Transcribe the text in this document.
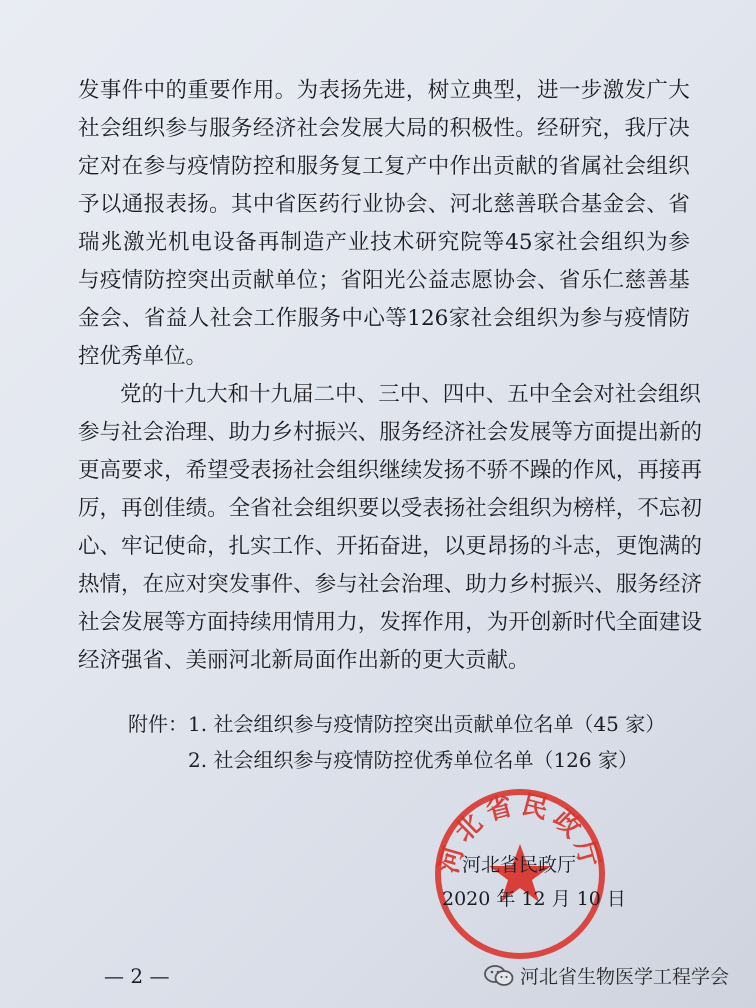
发 事 件 中 的 重 要 作 用 。 为 表 扬 先 进 ， 树 立 典 型 ， 进 一 步 激 发 广 大
社 会 组 织 参 与 服 务 经 济 社 会 发 展 大 局 的 积 极 性 。 经 研 究 ， 我 厅 决
定 对 在 参 与 疫 情 防 控 和 服 务 复 工 复 产 中 作 出 贡 献 的 省 属 社 会 组 织
予 以 通 报 表 扬 。 其 中 省 医 药 行 业 协 会 、 河 北 慈 善 联 合 基 金 会 、 省
瑞 兆 激 光 机 电 设 备 再 制 造 产 业 技 术 研 究 院 等 45 家 社 会 组 织 为 参
与 疫 情 防 控 突 出 贡 献 单 位 ； 省 阳 光 公 益 志 愿 协 会 、 省 乐 仁 慈 善 基
金 会 、 省 益 人 社 会 工 作 服 务 中 心 等 126 家 社 会 组 织 为 参 与 疫 情 防
控优秀单位。
党 的 十 九 大 和 十 九 届 二 中 、 三 中 、 四 中 、 五 中 全 会 对 社 会 组 织
参 与 社 会 治 理 、 助 力 乡 村 振 兴 、 服 务 经 济 社 会 发 展 等 方 面 提 出 新 的
更 高 要 求 ， 希 望 受 表 扬 社 会 组 织 继 续 发 扬 不 骄 不 躁 的 作 风 ， 再 接 再
厉 ， 再 创 佳 绩 。 全 省 社 会 组 织 要 以 受 表 扬 社 会 组 织 为 榜 样 ， 不 忘 初
心 、 牢 记 使 命 ， 扎 实 工 作 、 开 拓 奋 进 ， 以 更 昂 扬 的 斗 志 ， 更 饱 满 的
热 情 ， 在 应 对 突 发 事 件 、 参 与 社 会 治 理 、 助 力 乡 村 振 兴 、 服 务 经 济
社 会 发 展 等 方 面 持 续 用 情 用 力 ， 发 挥 作 用 ， 为 开 创 新 时 代 全 面 建 设
经济强省、美丽河北新局面作出新的更大贡献。
附件：1. 社会组织参与疫情防控突出贡献单位名单（45 家）
2. 社会组织参与疫情防控优秀单位名单（126 家）
河北省民政厅
河北省民政厅
2020 年 12 月 10 日
— 2 —	河北省生物医学工程学会
